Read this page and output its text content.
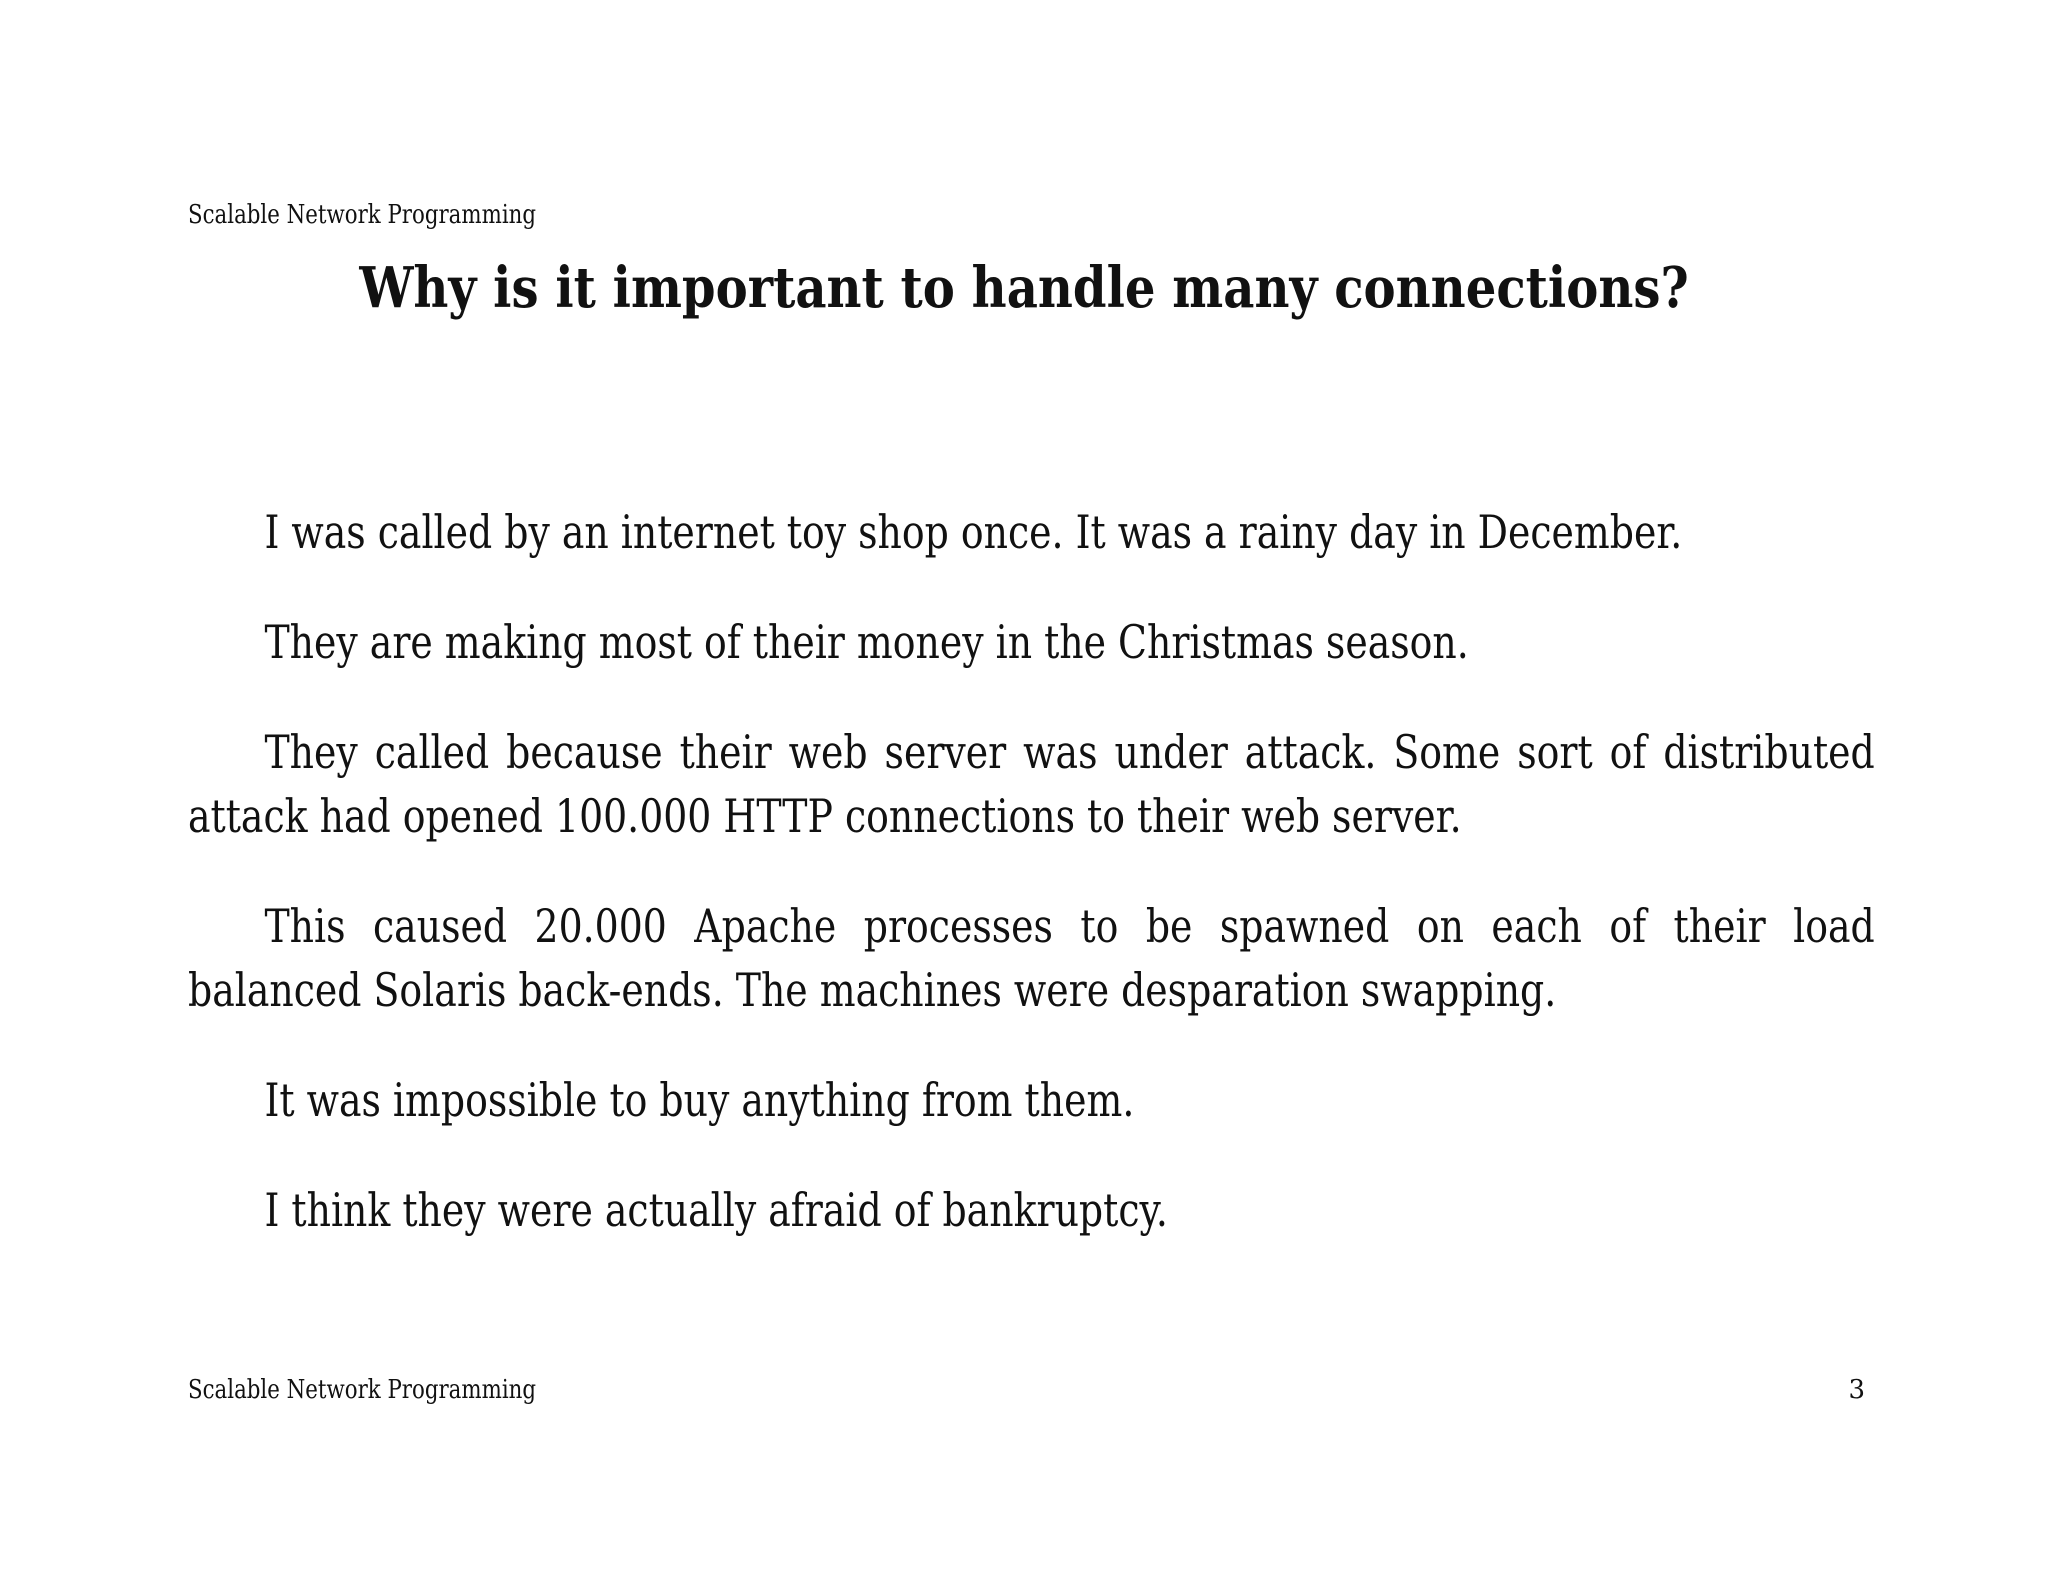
Scalable Network Programming
Why is it important to handle many connections?

I was called by an internet toy shop once. It was a rainy day in December.

They are making most of their money in the Christmas season.

They called because their web server was under attack. Some sort of distributed attack had opened 100.000 HTTP connections to their web server.

This caused 20.000 Apache processes to be spawned on each of their load balanced Solaris back-ends. The machines were desparation swapping.

It was impossible to buy anything from them.

I think they were actually afraid of bankruptcy.

Scalable Network Programming	3
